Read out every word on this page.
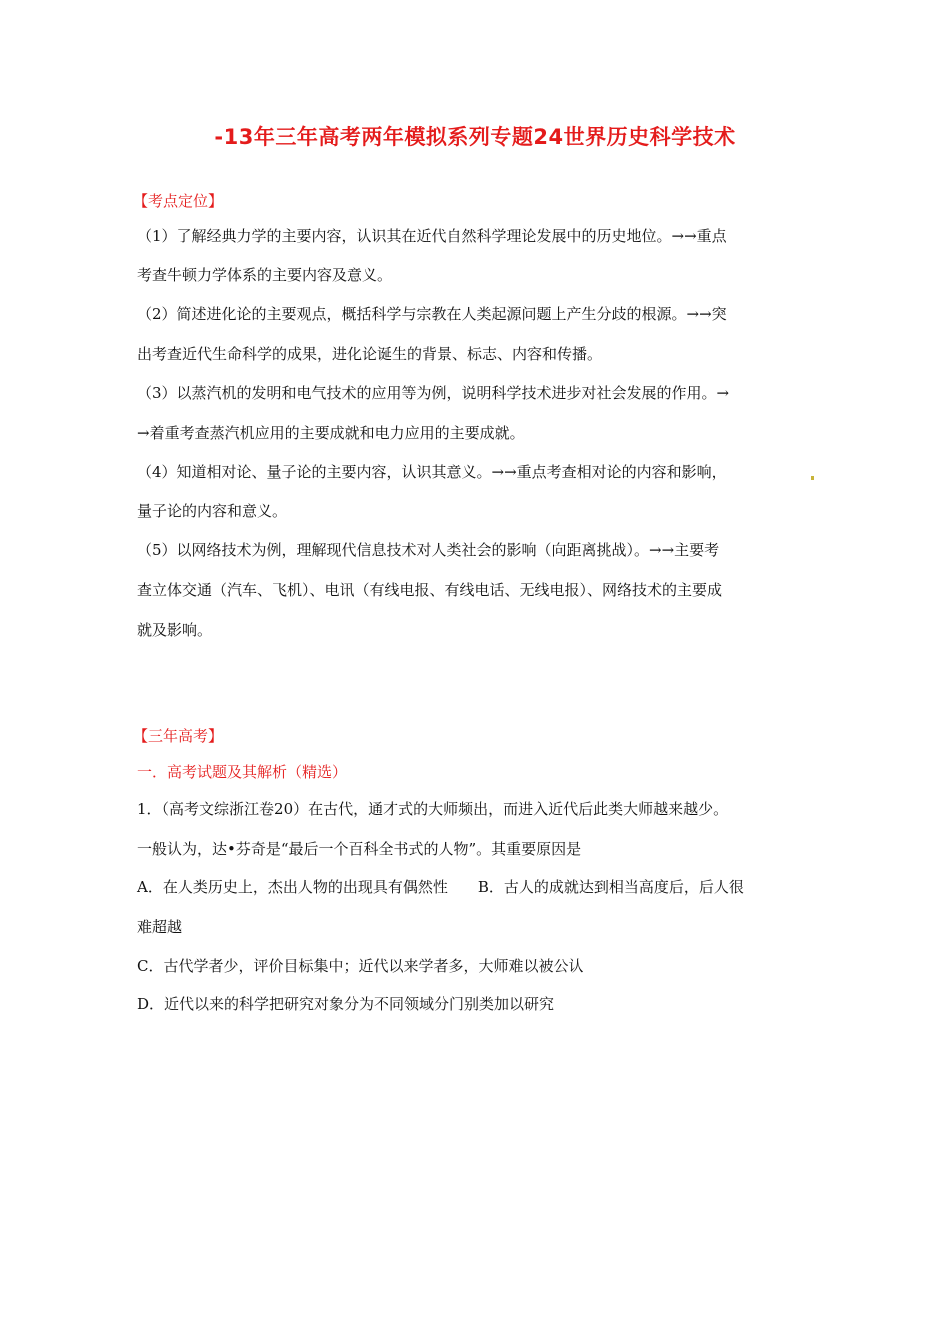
-13年三年高考两年模拟系列专题24世界历史科学技术
【考点定位】
（1）了解经典力学的主要内容，认识其在近代自然科学理论发展中的历史地位。→→重点
考查牛顿力学体系的主要内容及意义。
（2）简述进化论的主要观点，概括科学与宗教在人类起源问题上产生分歧的根源。→→突
出考查近代生命科学的成果，进化论诞生的背景、标志、内容和传播。
（3）以蒸汽机的发明和电气技术的应用等为例，说明科学技术进步对社会发展的作用。→
→着重考查蒸汽机应用的主要成就和电力应用的主要成就。
（4）知道相对论、量子论的主要内容，认识其意义。→→重点考查相对论的内容和影响，
量子论的内容和意义。
（5）以网络技术为例，理解现代信息技术对人类社会的影响（向距离挑战）。→→主要考
查立体交通（汽车、飞机）、电讯（有线电报、有线电话、无线电报）、网络技术的主要成
就及影响。
【三年高考】
一．高考试题及其解析（精选）
1．（高考文综浙江卷20）在古代，通才式的大师频出，而进入近代后此类大师越来越少。
一般认为，达•芬奇是“最后一个百科全书式的人物”。其重要原因是
A．在人类历史上，杰出人物的出现具有偶然性　　B．古人的成就达到相当高度后，后人很
难超越
C．古代学者少，评价目标集中；近代以来学者多，大师难以被公认
D．近代以来的科学把研究对象分为不同领域分门别类加以研究
